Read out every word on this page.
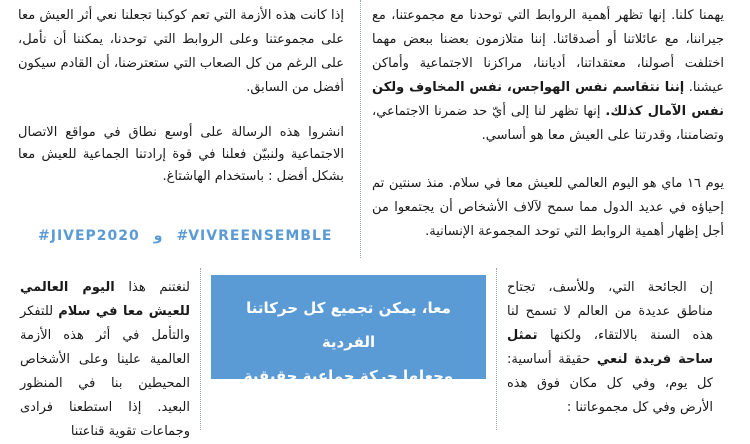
إذا كانت هذه الأزمة التي تعم كوكبنا تجعلنا نعي أثر العيش معا على مجموعتنا وعلى الروابط التي توحدنا، يمكننا أن نأمل، على الرغم من كل الصعاب التي ستعترضنا، أن القادم سيكون أفضل من السابق.

انشروا هذه الرسالة على أوسع نطاق في مواقع الاتصال الاجتماعية ولنبيّن فعلنا في قوة إرادتنا الجماعية للعيش معا بشكل أفضل : باستخدام الهاشتاغ.

#JIVEP2020 و #VIVREENSEMBLE

يهمنا كلنا. إنها تظهر أهمية الروابط التي توحدنا مع مجموعتنا، مع جيراننا، مع عائلاتنا أو أصدقائنا. إننا متلازمون بعضنا ببعض مهما اختلفت أصولنا، معتقداتنا، أدياننا، مراكزنا الاجتماعية وأماكن عيشنا. إننا نتقاسم نفس الهواجس، نفس المخاوف ولكن نفس الآمال كذلك. إنها تظهر لنا إلى أيّ حد ضمرنا الاجتماعي، وتضامننا، وقدرتنا على العيش معا هو أساسي.

يوم ١٦ ماي هو اليوم العالمي للعيش معا في سلام. منذ سنتين تم إحياؤه في عديد الدول مما سمح لآلاف الأشخاص أن يجتمعوا من أجل إظهار أهمية الروابط التي توحد المجموعة الإنسانية.

إن الجائحة التي، وللأسف، تجتاح مناطق عديدة من العالم لا تسمح لنا هذه السنة بالالتقاء، ولكنها تمثل ساحة فريدة لنعي حقيقة أساسية: كل يوم، وفي كل مكان فوق هذه الأرض وفي كل مجموعاتنا :

معا، يمكن تجميع كل حركاتنا الفردية
وجعلها حركة جماعية حقيقية

لنغتنم هذا اليوم العالمي للعيش معا في سلام للتفكر والتأمل في أثر هذه الأزمة العالمية علينا وعلى الأشخاص المحيطين بنا في المنظور البعيد. إذا استطعنا فرادى وجماعات تقوية قناعتنا
